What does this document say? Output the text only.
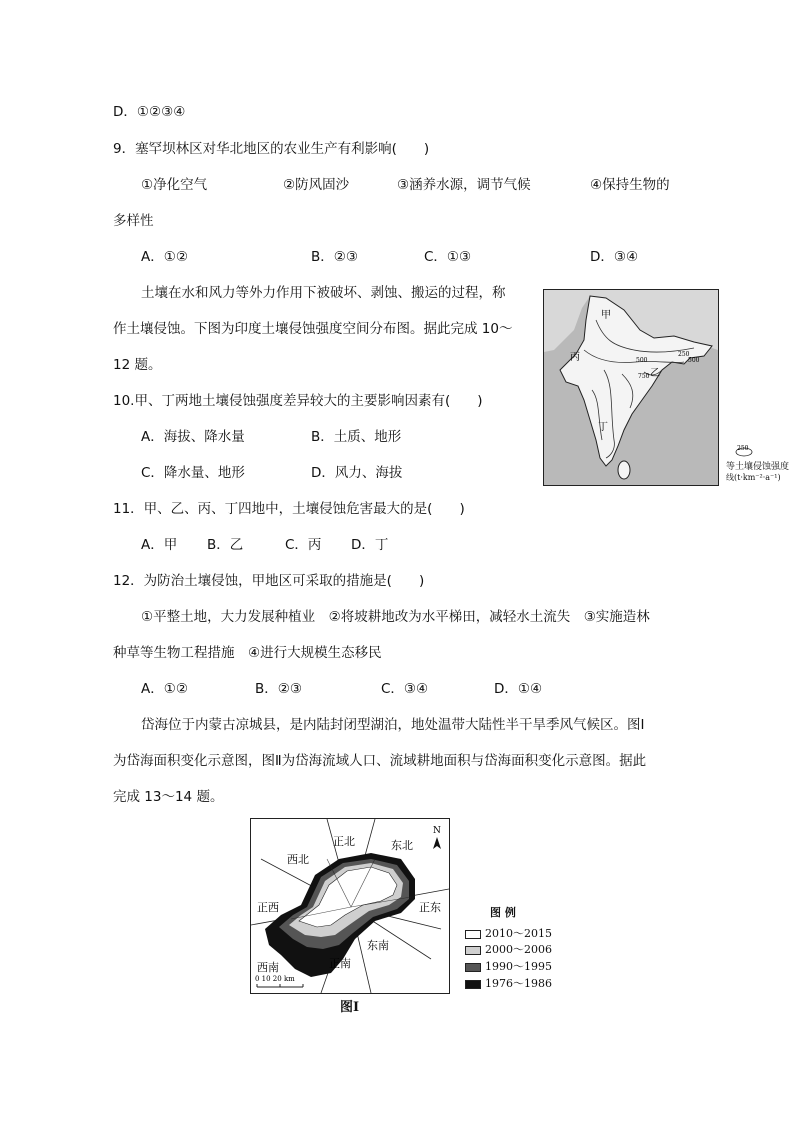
D．①②③④
9．塞罕坝林区对华北地区的农业生产有利影响(　　)
①净化空气	②防风固沙	③涵养水源，调节气候	④保持生物的
多样性
A．①②	B．②③	C．①③	D．③④
土壤在水和风力等外力作用下被破坏、剥蚀、搬运的过程，称
作土壤侵蚀。下图为印度土壤侵蚀强度空间分布图。据此完成 10～
12 题。	丙
甲
乙
丁
500
250
750
500
250
等土壤侵蚀强度
线(t·km⁻²·a⁻¹)
10.甲、丁两地土壤侵蚀强度差异较大的主要影响因素有(　　)
A．海拔、降水量	B．土质、地形
C．降水量、地形	D．风力、海拔
11．甲、乙、丙、丁四地中，土壤侵蚀危害最大的是(　　)
A．甲 B．乙	C．丙 D．丁
12．为防治土壤侵蚀，甲地区可采取的措施是(　　)
①平整土地，大力发展种植业　②将坡耕地改为水平梯田，减轻水土流失　③实施造林
种草等生物工程措施　④进行大规模生态移民
A．①②	B．②③	C．③④	D．①④
岱海位于内蒙古凉城县，是内陆封闭型湖泊，地处温带大陆性半干旱季风气候区。图Ⅰ
为岱海面积变化示意图，图Ⅱ为岱海流域人口、流域耕地面积与岱海面积变化示意图。据此
完成 13～14 题。
正北	东北
西北
正西	正东
东南
正南
西南
N
0 10 20 km
图Ⅰ
图 例
2010～2015
2000～2006
1990～1995
1976～1986
